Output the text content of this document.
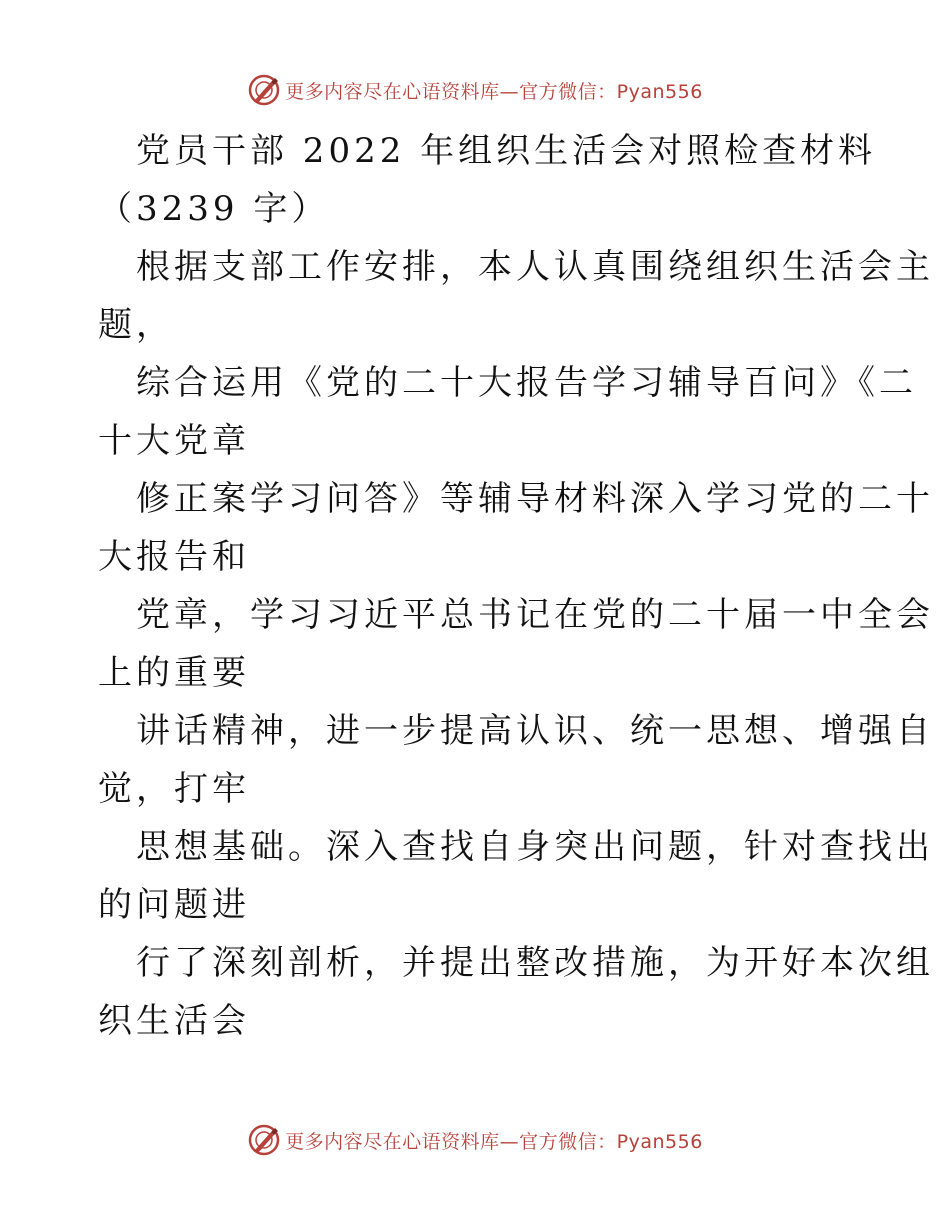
更多内容尽在心语资料库—官方微信：Pyan556
党员干部 2022 年组织生活会对照检查材料
（3239 字）
根据支部工作安排，本人认真围绕组织生活会主
题，
综合运用《党的二十大报告学习辅导百问》《二
十大党章
修正案学习问答》等辅导材料深入学习党的二十
大报告和
党章，学习习近平总书记在党的二十届一中全会
上的重要
讲话精神，进一步提高认识、统一思想、增强自
觉，打牢
思想基础。深入查找自身突出问题，针对查找出
的问题进
行了深刻剖析，并提出整改措施，为开好本次组
织生活会
更多内容尽在心语资料库—官方微信：Pyan556
